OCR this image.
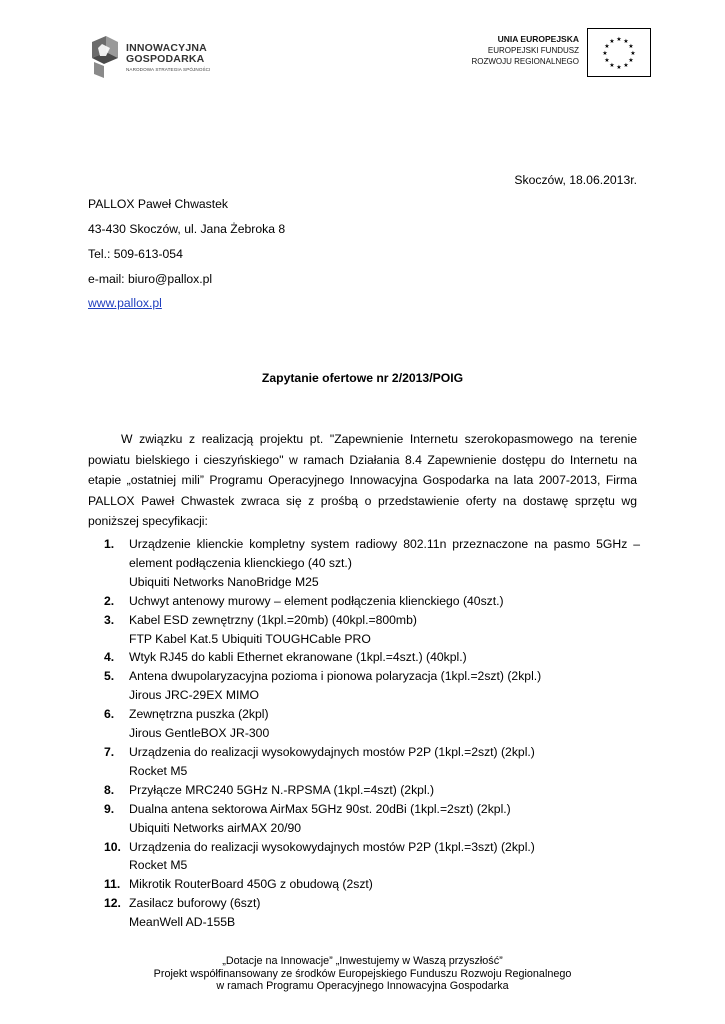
INNOWACYJNA
GOSPODARKA
NARODOWA STRATEGIA SPÓJNOŚCI
UNIA EUROPEJSKA
EUROPEJSKI FUNDUSZ
ROZWOJU REGIONALNEGO
★ ★
★
★
★
★
★
★
★
★
★
★
Skoczów, 18.06.2013r.
PALLOX Paweł Chwastek
43-430 Skoczów, ul. Jana Żebroka 8
Tel.: 509-613-054
e-mail: biuro@pallox.pl
www.pallox.pl
Zapytanie ofertowe nr 2/2013/POIG

W związku z realizacją projektu pt. "Zapewnienie Internetu szerokopasmowego na terenie powiatu bielskiego i cieszyńskiego" w ramach Działania 8.4 Zapewnienie dostępu do Internetu na etapie „ostatniej mili” Programu Operacyjnego Innowacyjna Gospodarka na lata 2007-2013, Firma PALLOX Paweł Chwastek zwraca się z prośbą o przedstawienie oferty na dostawę sprzętu wg poniższej specyfikacji:

1. Urządzenie klienckie kompletny system radiowy 802.11n przeznaczone na pasmo 5GHz – element podłączenia klienckiego (40 szt.)
Ubiquiti Networks NanoBridge M25
2. Uchwyt antenowy murowy – element podłączenia klienckiego (40szt.)
3. Kabel ESD zewnętrzny (1kpl.=20mb) (40kpl.=800mb)
FTP Kabel Kat.5 Ubiquiti TOUGHCable PRO
4. Wtyk RJ45 do kabli Ethernet ekranowane (1kpl.=4szt.) (40kpl.)
5. Antena dwupolaryzacyjna pozioma i pionowa polaryzacja (1kpl.=2szt) (2kpl.)
Jirous JRC-29EX MIMO
6. Zewnętrzna puszka (2kpl)
Jirous GentleBOX JR-300
7. Urządzenia do realizacji wysokowydajnych mostów P2P (1kpl.=2szt) (2kpl.)
Rocket M5
8. Przyłącze MRC240 5GHz N.-RPSMA (1kpl.=4szt) (2kpl.)
9. Dualna antena sektorowa AirMax 5GHz 90st. 20dBi (1kpl.=2szt) (2kpl.)
Ubiquiti Networks airMAX 20/90
10. Urządzenia do realizacji wysokowydajnych mostów P2P (1kpl.=3szt) (2kpl.)
Rocket M5
11. Mikrotik RouterBoard 450G z obudową (2szt)
12. Zasilacz buforowy (6szt)
MeanWell AD-155B
„Dotacje na Innowacje” „Inwestujemy w Waszą przyszłość”
Projekt współfinansowany ze środków Europejskiego Funduszu Rozwoju Regionalnego
w ramach Programu Operacyjnego Innowacyjna Gospodarka
